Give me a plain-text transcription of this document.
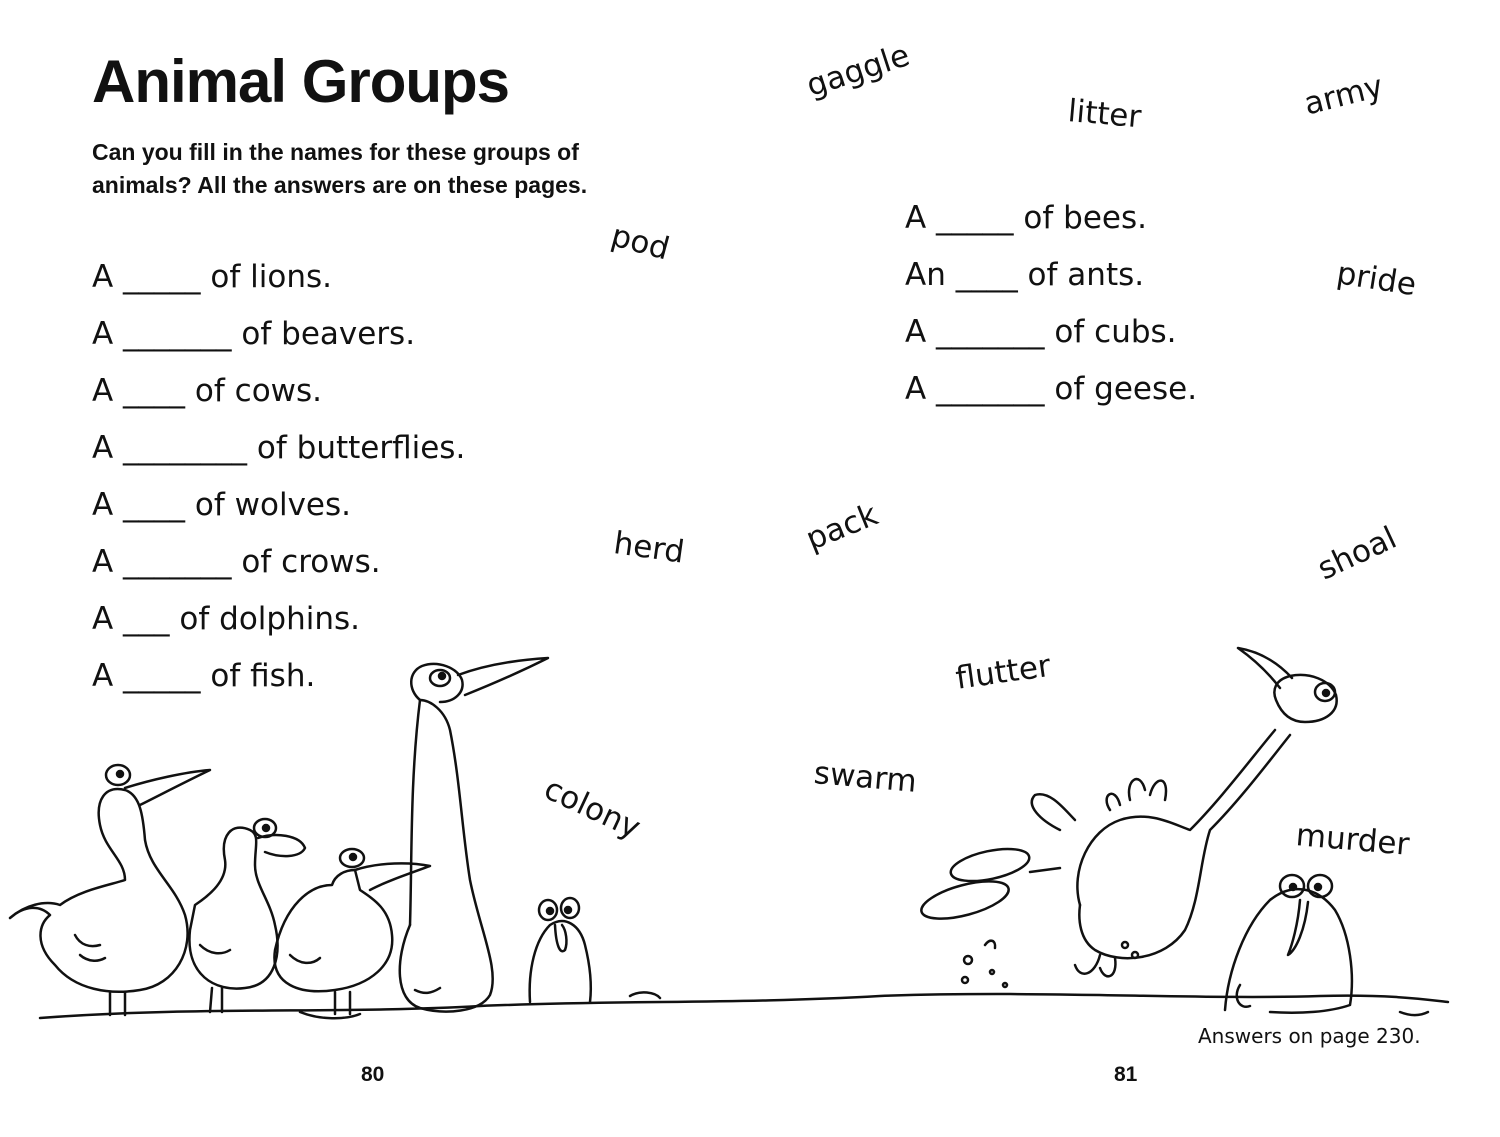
Animal Groups

Can you fill in the names for these groups of animals? All the answers are on these pages.

A _____ of lions.
A _______ of beavers.
A ____ of cows.
A ________ of butterflies.
A ____ of wolves.
A _______ of crows.
A ___ of dolphins.
A _____ of fish.
A _____ of bees.
An ____ of ants.
A _______ of cubs.
A _______ of geese.
gaggle
litter	army
pod
pride
herd	pack	shoal
flutter
swarm
colony	murder
Answers on page 230.
80	81
